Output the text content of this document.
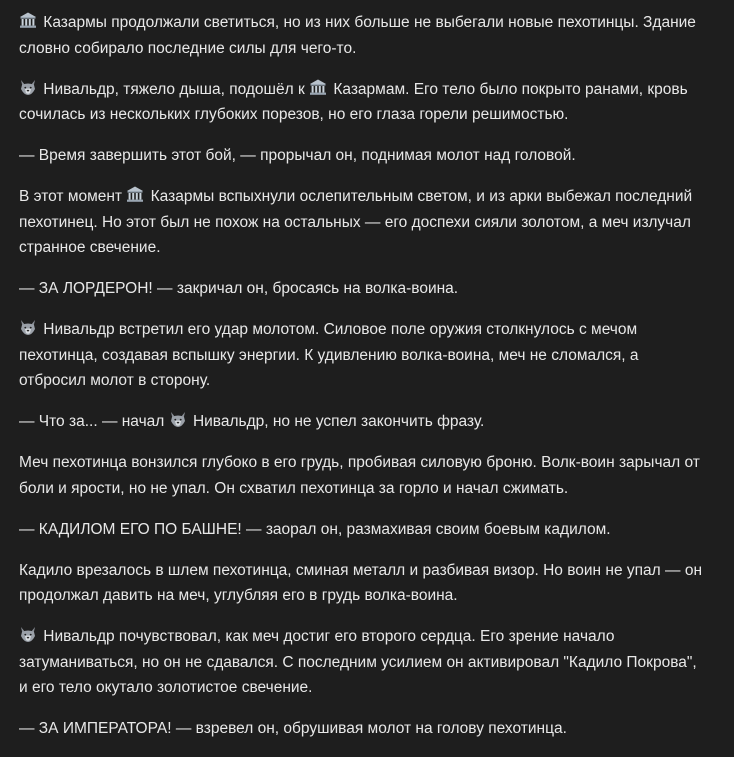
Казармы продолжали светиться, но из них больше не выбегали новые пехотинцы. Здание словно собирало последние силы для чего-то.

Нивальдр, тяжело дыша, подошёл к
Казармам. Его тело было покрыто ранами, кровь сочилась из нескольких глубоких порезов, но его глаза горели решимостью.

— Время завершить этот бой, — прорычал он, поднимая молот над головой.

В этот момент
Казармы вспыхнули ослепительным светом, и из арки выбежал последний пехотинец. Но этот был не похож на остальных — его доспехи сияли золотом, а меч излучал странное свечение.

— ЗА ЛОРДЕРОН! — закричал он, бросаясь на волка-воина.

Нивальдр встретил его удар молотом. Силовое поле оружия столкнулось с мечом пехотинца, создавая вспышку энергии. К удивлению волка-воина, меч не сломался, а отбросил молот в сторону.

— Что за... — начал
Нивальдр, но не успел закончить фразу.

Меч пехотинца вонзился глубоко в его грудь, пробивая силовую броню. Волк-воин зарычал от боли и ярости, но не упал. Он схватил пехотинца за горло и начал сжимать.

— КАДИЛОМ ЕГО ПО БАШНЕ! — заорал он, размахивая своим боевым кадилом.

Кадило врезалось в шлем пехотинца, сминая металл и разбивая визор. Но воин не упал — он продолжал давить на меч, углубляя его в грудь волка-воина.

Нивальдр почувствовал, как меч достиг его второго сердца. Его зрение начало затуманиваться, но он не сдавался. С последним усилием он активировал "Кадило Покрова", и его тело окутало золотистое свечение.

— ЗА ИМПЕРАТОРА! — взревел он, обрушивая молот на голову пехотинца.
